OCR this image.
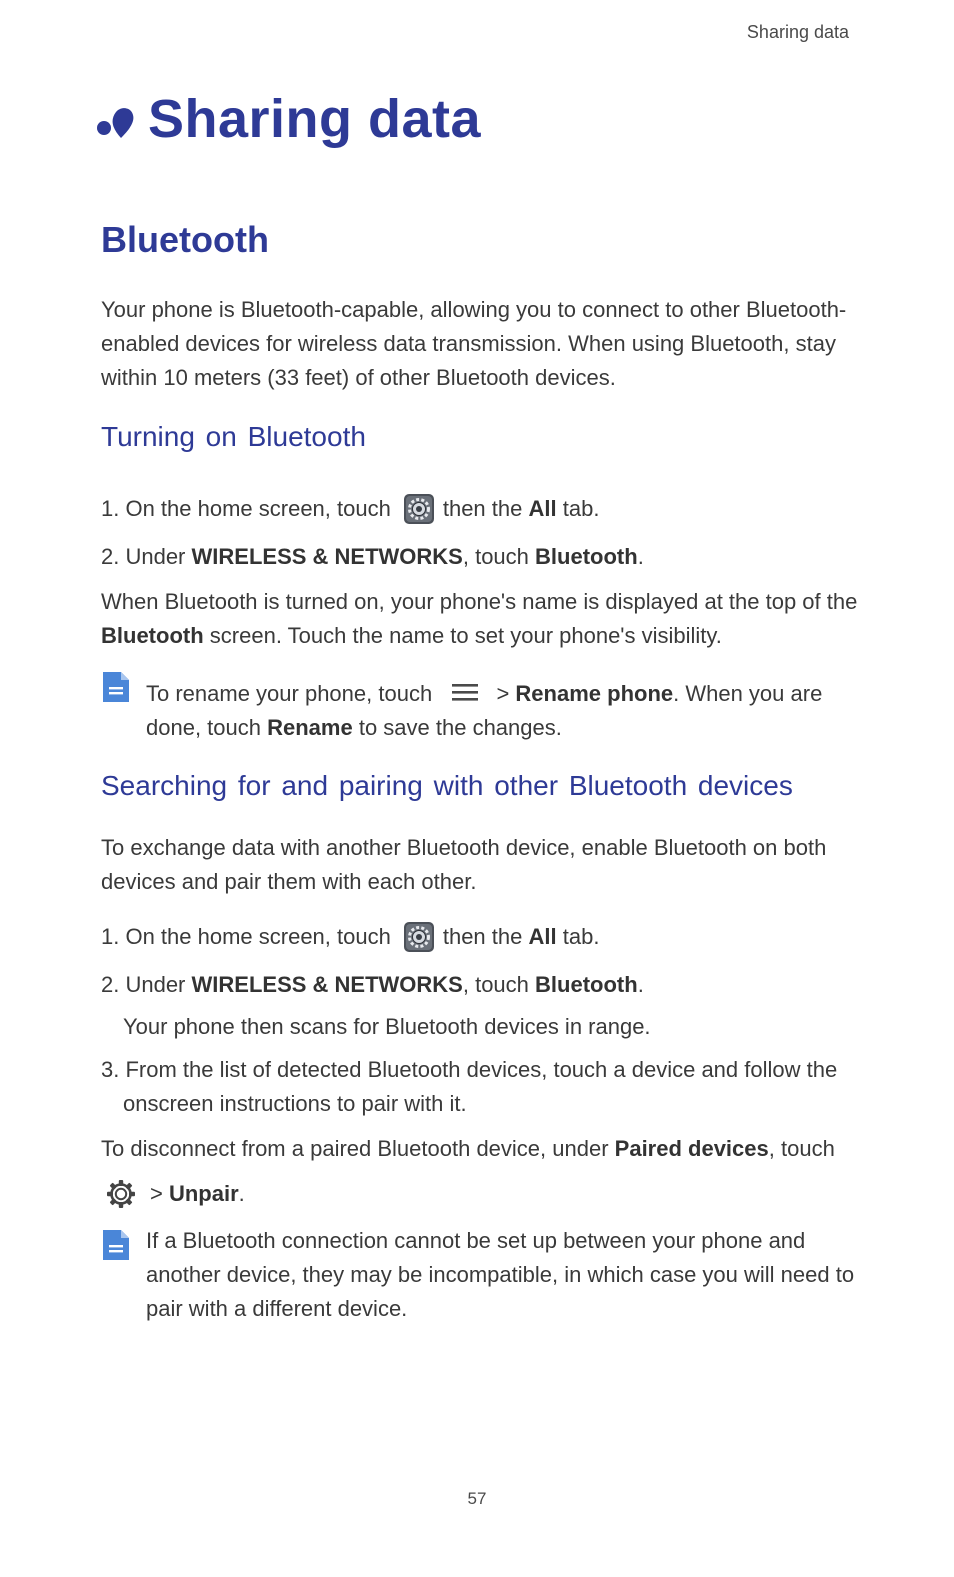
Sharing data
Sharing data
Bluetooth
Your phone is Bluetooth-capable, allowing you to connect to other Bluetooth-enabled devices for wireless data transmission. When using Bluetooth, stay within 10 meters (33 feet) of other Bluetooth devices.
Turning on Bluetooth
1. On the home screen, touch then the
All
tab.
2. Under
WIRELESS & NETWORKS , touch
Bluetooth .
When Bluetooth is turned on, your phone's name is displayed at the top of the Bluetooth screen. Touch the name to set your phone's visibility.
To rename your phone, touch	> Rename phone. When you are done, touch Rename to save the changes.
Searching for and pairing with other Bluetooth devices
To exchange data with another Bluetooth device, enable Bluetooth on both devices and pair them with each other.
1. On the home screen, touch then the
All
tab.
2. Under
WIRELESS & NETWORKS , touch
Bluetooth .
Your phone then scans for Bluetooth devices in range.
3. From the list of detected Bluetooth devices, touch a device and follow the
onscreen instructions to pair with it.
To disconnect from a paired Bluetooth device, under
Paired devices , touch
>
Unpair .
If a Bluetooth connection cannot be set up between your phone and another device, they may be incompatible, in which case you will need to pair with a different device.
57
